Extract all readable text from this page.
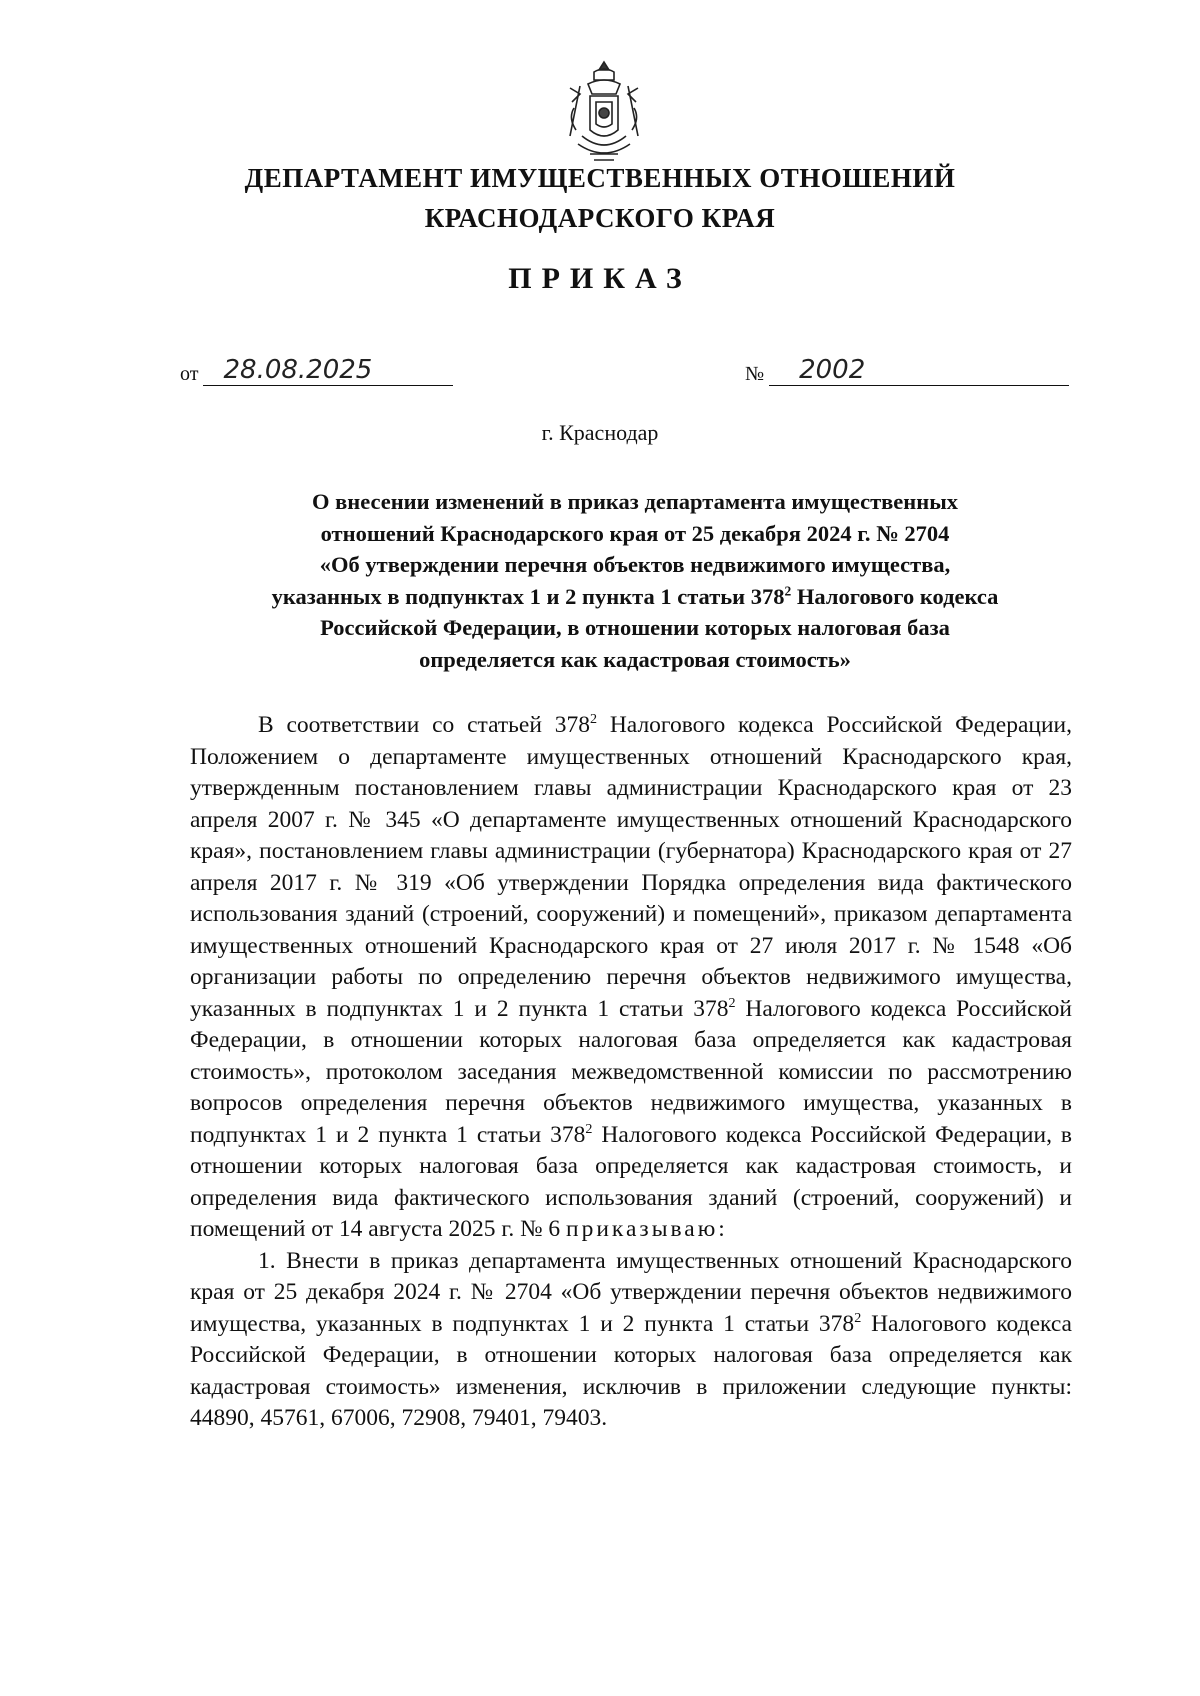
ДЕПАРТАМЕНТ ИМУЩЕСТВЕННЫХ ОТНОШЕНИЙ
КРАСНОДАРСКОГО КРАЯ
ПРИКАЗ
от 28.08.2025	№ 2002
г. Краснодар
О внесении изменений в приказ департамента имущественных
отношений Краснодарского края от 25 декабря 2024 г. № 2704
«Об утверждении перечня объектов недвижимого имущества,
указанных в подпунктах 1 и 2 пункта 1 статьи $378^2$ Налогового кодекса
Российской Федерации, в отношении которых налоговая база
определяется как кадастровая стоимость»

В соответствии со статьей $378^2$ Налогового кодекса Российской Федерации, Положением о департаменте имущественных отношений Краснодарского края, утвержденным постановлением главы администрации Краснодарского края от 23 апреля 2007 г. № 345 «О департаменте имущественных отношений Краснодарского края», постановлением главы администрации (губернатора) Краснодарского края от 27 апреля 2017 г. № 319 «Об утверждении Порядка определения вида фактического использования зданий (строений, сооружений) и помещений», приказом департамента имущественных отношений Краснодарского края от 27 июля 2017 г. № 1548 «Об организации работы по определению перечня объектов недвижимого имущества, указанных в подпунктах 1 и 2 пункта 1 статьи $378^2$ Налогового кодекса Российской Федерации, в отношении которых налоговая база определяется как кадастровая стоимость», протоколом заседания межведомственной комиссии по рассмотрению вопросов определения перечня объектов недвижимого имущества, указанных в подпунктах 1 и 2 пункта 1 статьи $378^2$ Налогового кодекса Российской Федерации, в отношении которых налоговая база определяется как кадастровая стоимость, и определения вида фактического использования зданий (строений, сооружений) и помещений от 14 августа 2025 г. № 6 приказываю:

1. Внести в приказ департамента имущественных отношений Краснодарского края от 25 декабря 2024 г. № 2704 «Об утверждении перечня объектов недвижимого имущества, указанных в подпунктах 1 и 2 пункта 1 статьи $378^2$ Налогового кодекса Российской Федерации, в отношении которых налоговая база определяется как кадастровая стоимость» изменения, исключив в приложении следующие пункты: 44890, 45761, 67006, 72908, 79401, 79403.
